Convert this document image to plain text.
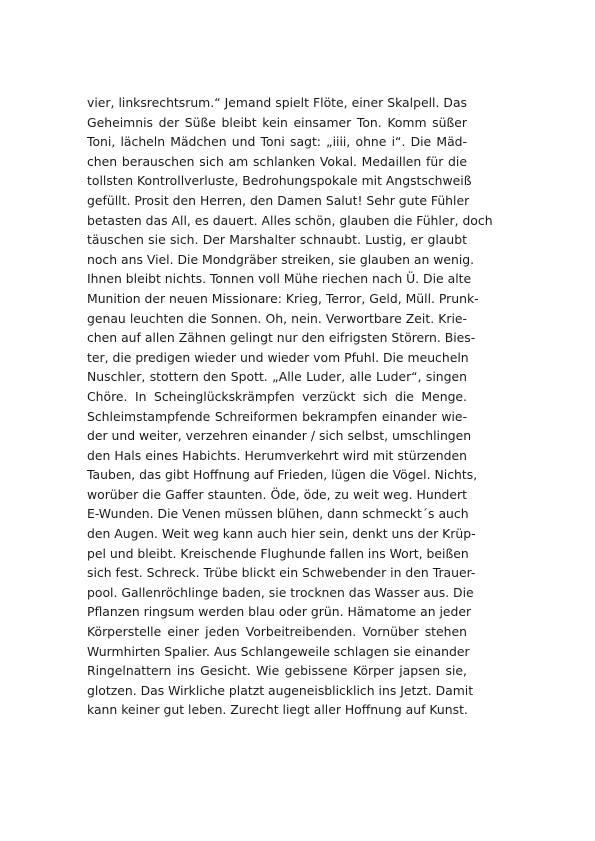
vier, linksrechtsrum.“ Jemand spielt Flöte, einer Skalpell. Das
Geheimnis der Süße bleibt kein einsamer Ton. Komm süßer
Toni, lächeln Mädchen und Toni sagt: „iiii, ohne i“. Die Mäd-
chen berauschen sich am schlanken Vokal. Medaillen für die
tollsten Kontrollverluste, Bedrohungspokale mit Angstschweiß
gefüllt. Prosit den Herren, den Damen Salut! Sehr gute Fühler
betasten das All, es dauert. Alles schön, glauben die Fühler, doch
täuschen sie sich. Der Marshalter schnaubt. Lustig, er glaubt
noch ans Viel. Die Mondgräber streiken, sie glauben an wenig.
Ihnen bleibt nichts. Tonnen voll Mühe riechen nach Ü. Die alte
Munition der neuen Missionare: Krieg, Terror, Geld, Müll. Prunk-
genau leuchten die Sonnen. Oh, nein. Verwortbare Zeit. Krie-
chen auf allen Zähnen gelingt nur den eifrigsten Störern. Bies-
ter, die predigen wieder und wieder vom Pfuhl. Die meucheln
Nuschler, stottern den Spott. „Alle Luder, alle Luder“, singen
Chöre. In Scheinglückskrämpfen verzückt sich die Menge.
Schleimstampfende Schreiformen bekrampfen einander wie-
der und weiter, verzehren einander / sich selbst, umschlingen
den Hals eines Habichts. Herumverkehrt wird mit stürzenden
Tauben, das gibt Hoffnung auf Frieden, lügen die Vögel. Nichts,
worüber die Gaffer staunten. Öde, öde, zu weit weg. Hundert
E-Wunden. Die Venen müssen blühen, dann schmeckt´s auch
den Augen. Weit weg kann auch hier sein, denkt uns der Krüp-
pel und bleibt. Kreischende Flughunde fallen ins Wort, beißen
sich fest. Schreck. Trübe blickt ein Schwebender in den Trauer-
pool. Gallenröchlinge baden, sie trocknen das Wasser aus. Die
Pflanzen ringsum werden blau oder grün. Hämatome an jeder
Körperstelle einer jeden Vorbeitreibenden. Vornüber stehen
Wurmhirten Spalier. Aus Schlangeweile schlagen sie einander
Ringelnattern ins Gesicht. Wie gebissene Körper japsen sie,
glotzen. Das Wirkliche platzt augeneisblicklich ins Jetzt. Damit
kann keiner gut leben. Zurecht liegt aller Hoffnung auf Kunst.
